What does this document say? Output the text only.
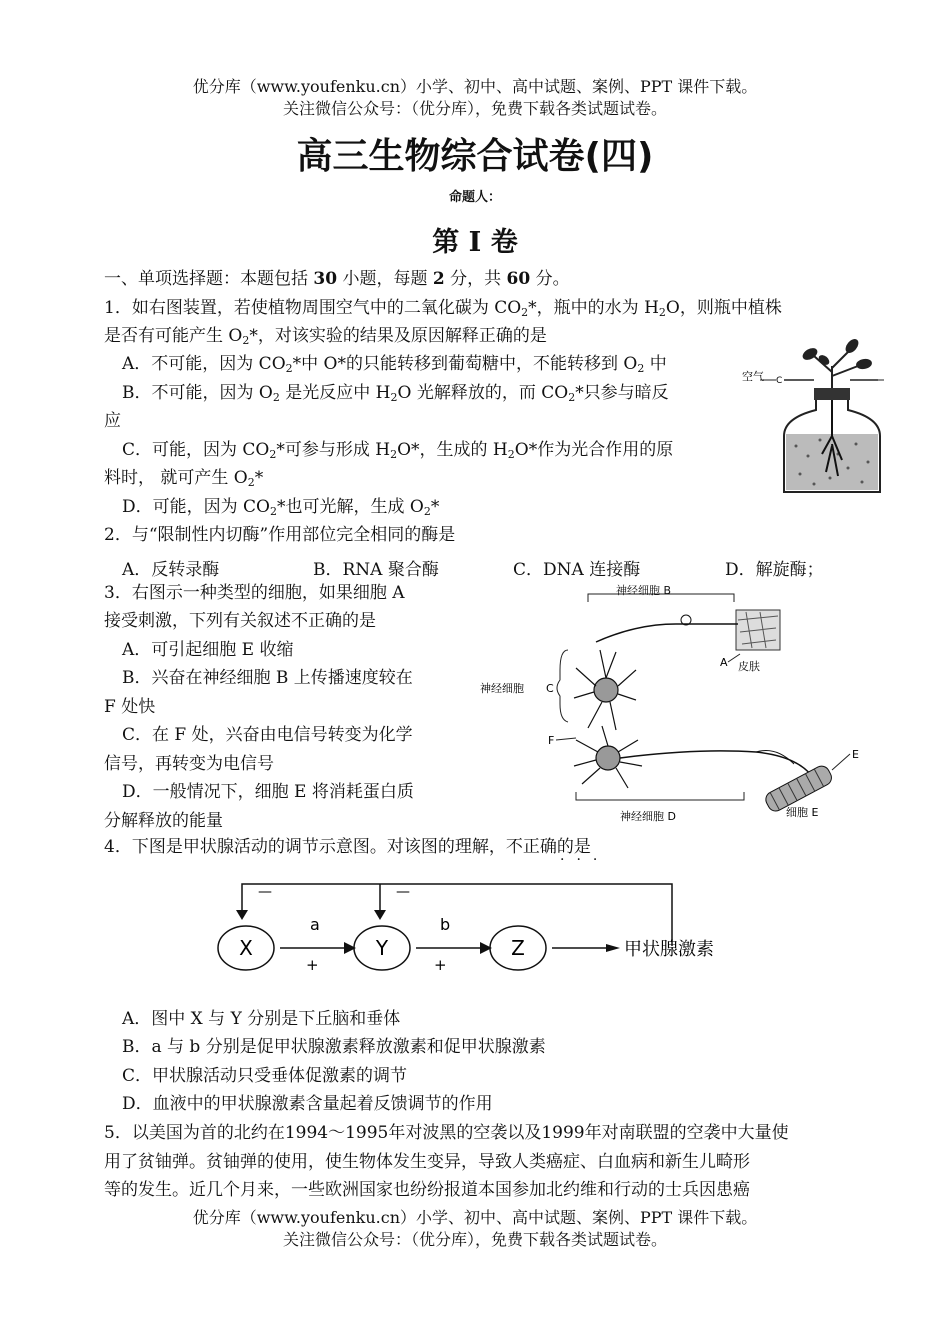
优分库（www.youfenku.cn）小学、初中、高中试题、案例、PPT 课件下载。
关注微信公众号：（优分库），免费下载各类试题试卷。
高三生物综合试卷(四)
命题人：
第 I 卷
一、单项选择题：本题包括 30 小题，每题 2 分，共 60 分。
1．如右图装置，若使植物周围空气中的二氧化碳为 $CO_2*$，瓶中的水为 $H_2O$，则瓶中植株
是否有可能产生 $O_2*$，对该实验的结果及原因解释正确的是
A．不可能，因为 $CO_2*$中 O*的只能转移到葡萄糖中，不能转移到 $O_2$ 中
B．不可能，因为 $O_2$ 是光反应中 $H_2O$ 光解释放的，而 $CO_2*$只参与暗反
应
C．可能，因为 $CO_2*$可参与形成 $H_2O*$，生成的 $H_2O*$作为光合作用的原
料时， 就可产生 $O_2*$
D．可能，因为 $CO_2*$也可光解，生成 $O_2*$
空气 C
2．与“限制性内切酶”作用部位完全相同的酶是
A．反转录酶	B．RNA 聚合酶	C．DNA 连接酶	D．解旋酶；
3．右图示一种类型的细胞，如果细胞 A
接受刺激，下列有关叙述不正确的是
A．可引起细胞 E 收缩
B．兴奋在神经细胞 B 上传播速度较在
F 处快
C．在 F 处，兴奋由电信号转变为化学
信号，再转变为电信号
D．一般情况下，细胞 E 将消耗蛋白质
分解释放的能量
神经细胞 B
皮肤
A
神经细胞 C
F
E
细胞 E
神经细胞 D
4．下图是甲状腺活动的调节示意图。对该图的理解，不正确的是
···
—	—
X	Y	Z
a
+
b
+
甲状腺激素
A．图中 X 与 Y 分别是下丘脑和垂体
B．a 与 b 分别是促甲状腺激素释放激素和促甲状腺激素
C．甲状腺活动只受垂体促激素的调节
D．血液中的甲状腺激素含量起着反馈调节的作用
5．以美国为首的北约在1994～1995年对波黑的空袭以及1999年对南联盟的空袭中大量使
用了贫铀弹。贫铀弹的使用，使生物体发生变异，导致人类癌症、白血病和新生儿畸形
等的发生。近几个月来，一些欧洲国家也纷纷报道本国参加北约维和行动的士兵因患癌
优分库（www.youfenku.cn）小学、初中、高中试题、案例、PPT 课件下载。
关注微信公众号：（优分库），免费下载各类试题试卷。
